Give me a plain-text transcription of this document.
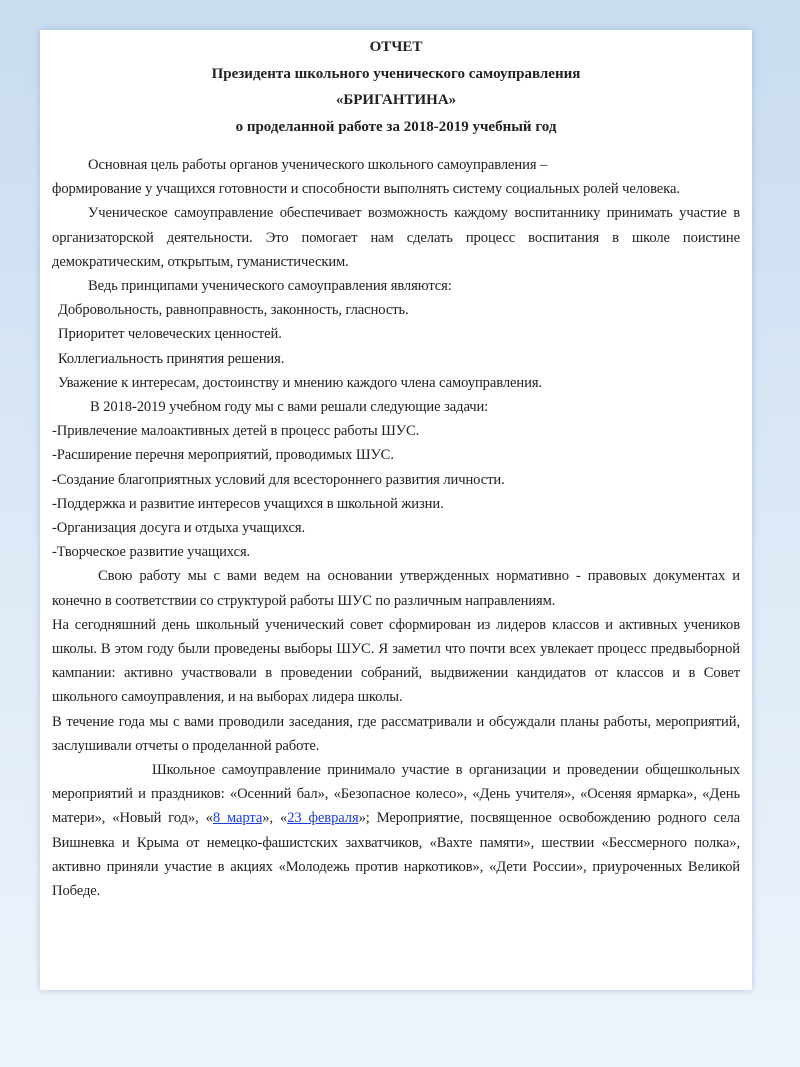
ОТЧЕТ
Президента школьного ученического самоуправления
«БРИГАНТИНА»
о проделанной работе за 2018-2019 учебный год

Основная цель работы органов ученического школьного самоуправления –

формирование у учащихся готовности и способности выполнять систему социальных ролей человека.

Ученическое самоуправление обеспечивает возможность каждому воспитаннику принимать участие в организаторской деятельности. Это помогает нам сделать процесс воспитания в школе поистине демократическим, открытым, гуманистическим.

Ведь принципами ученического самоуправления являются:

Добровольность, равноправность, законность, гласность.

Приоритет человеческих ценностей.

Коллегиальность принятия решения.

Уважение к интересам, достоинству и мнению каждого члена самоуправления.

В 2018-2019 учебном году мы с вами решали следующие задачи:

-Привлечение малоактивных детей в процесс работы ШУС.

-Расширение перечня мероприятий, проводимых ШУС.

-Создание благоприятных условий для всестороннего развития личности.

-Поддержка и развитие интересов учащихся в школьной жизни.

-Организация досуга и отдыха учащихся.

-Творческое развитие учащихся.

Свою работу мы с вами ведем на основании утвержденных нормативно - правовых документах и конечно в соответствии со структурой работы ШУС по различным направлениям.

На сегодняшний день школьный ученический совет сформирован из лидеров классов и активных учеников школы. В этом году были проведены выборы ШУС. Я заметил что почти всех увлекает процесс предвыборной кампании: активно участвовали в проведении собраний, выдвижении кандидатов от классов и в Совет школьного самоуправления, и на выборах лидера школы.

В течение года мы с вами проводили заседания, где рассматривали и обсуждали планы работы, мероприятий, заслушивали отчеты о проделанной работе.

Школьное самоуправление принимало участие в организации и проведении общешкольных мероприятий и праздников: «Осенний бал», «Безопасное колесо», «День учителя», «Осеняя ярмарка», «День матери», «Новый год», «8 марта», «23 февраля»; Мероприятие, посвященное освобождению родного села Вишневка и Крыма от немецко-фашистских захватчиков, «Вахте памяти», шествии «Бессмерного полка», активно приняли участие в акциях «Молодежь против наркотиков», «Дети России», приуроченных Великой Победе.
